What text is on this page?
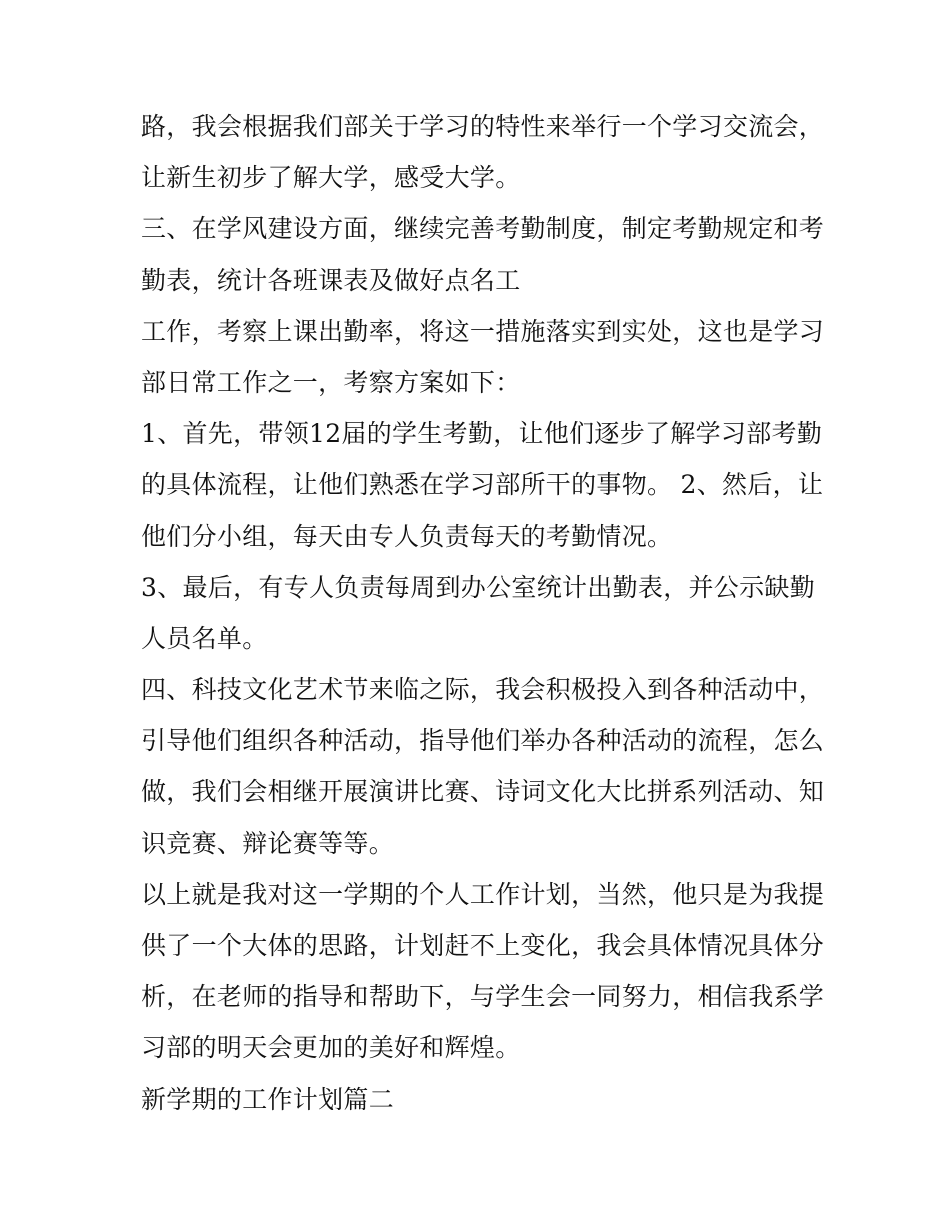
路，我会根据我们部关于学习的特性来举行一个学习交流会，
让新生初步了解大学，感受大学。
三、在学风建设方面，继续完善考勤制度，制定考勤规定和考
勤表，统计各班课表及做好点名工
工作，考察上课出勤率，将这一措施落实到实处，这也是学习
部日常工作之一，考察方案如下：
1、首先，带领12届的学生考勤，让他们逐步了解学习部考勤
的具体流程，让他们熟悉在学习部所干的事物。 2、然后，让
他们分小组，每天由专人负责每天的考勤情况。
3、最后，有专人负责每周到办公室统计出勤表，并公示缺勤
人员名单。
四、科技文化艺术节来临之际，我会积极投入到各种活动中，
引导他们组织各种活动，指导他们举办各种活动的流程，怎么
做，我们会相继开展演讲比赛、诗词文化大比拼系列活动、知
识竞赛、辩论赛等等。
以上就是我对这一学期的个人工作计划，当然，他只是为我提
供了一个大体的思路，计划赶不上变化，我会具体情况具体分
析，在老师的指导和帮助下，与学生会一同努力，相信我系学
习部的明天会更加的美好和辉煌。
新学期的工作计划篇二
